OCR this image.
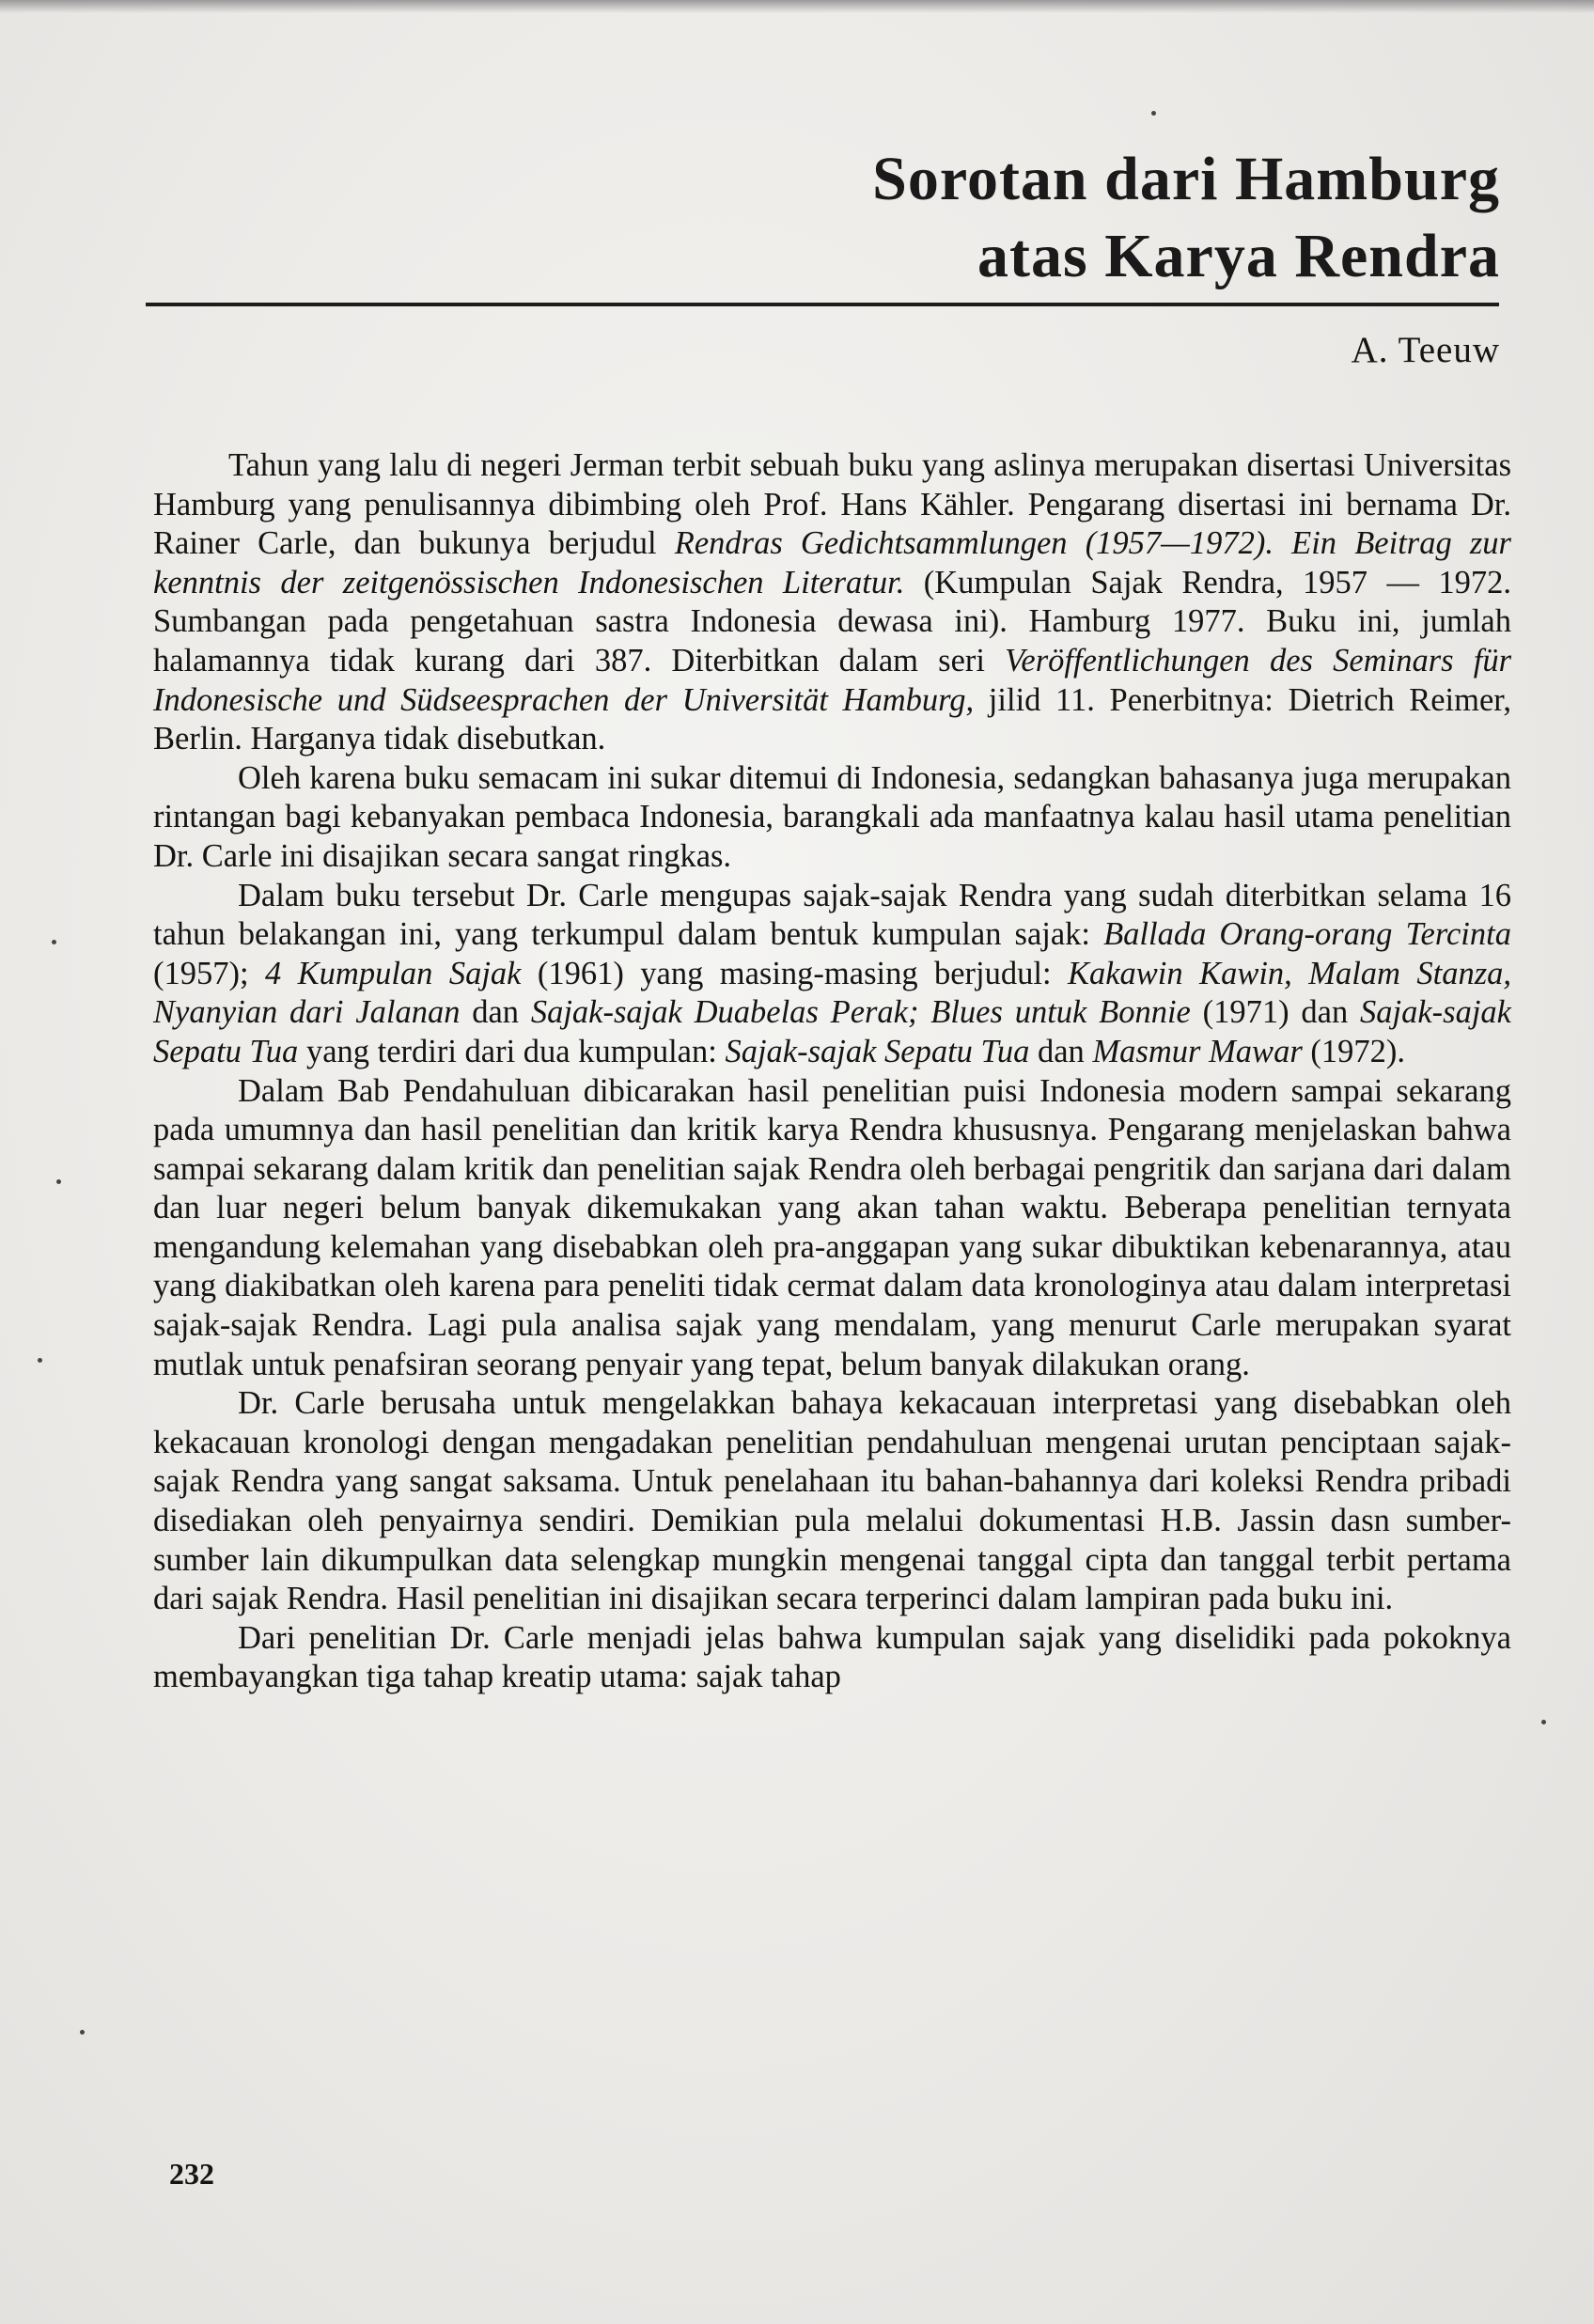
Sorotan dari Hamburg
atas Karya Rendra
A. Teeuw

Tahun yang lalu di negeri Jerman terbit sebuah buku yang aslinya merupakan disertasi Universitas Hamburg yang penulisannya dibimbing oleh Prof. Hans Kähler. Pengarang disertasi ini bernama Dr. Rainer Carle, dan bukunya berjudul Rendras Gedichtsammlungen (1957—1972). Ein Beitrag zur kenntnis der zeitgenössischen Indonesischen Literatur. (Kumpulan Sajak Rendra, 1957 — 1972. Sumbangan pada pengetahuan sastra Indonesia dewasa ini). Hamburg 1977. Buku ini, jumlah halamannya tidak kurang dari 387. Diterbitkan dalam seri Veröffentlichungen des Seminars für Indonesische und Südseesprachen der Universität Hamburg, jilid 11. Penerbitnya: Dietrich Reimer, Berlin. Harganya tidak disebutkan.

Oleh karena buku semacam ini sukar ditemui di Indonesia, sedangkan bahasanya juga merupakan rintangan bagi kebanyakan pembaca Indonesia, barangkali ada manfaatnya kalau hasil utama penelitian Dr. Carle ini disajikan secara sangat ringkas.

Dalam buku tersebut Dr. Carle mengupas sajak-sajak Rendra yang sudah diterbitkan selama 16 tahun belakangan ini, yang terkumpul dalam bentuk kumpulan sajak: Ballada Orang-orang Tercinta (1957); 4 Kumpulan Sajak (1961) yang masing-masing berjudul: Kakawin Kawin, Malam Stanza, Nyanyian dari Jalanan dan Sajak-sajak Duabelas Perak; Blues untuk Bonnie (1971) dan Sajak-sajak Sepatu Tua yang terdiri dari dua kumpulan: Sajak-sajak Sepatu Tua dan Masmur Mawar (1972).

Dalam Bab Pendahuluan dibicarakan hasil penelitian puisi Indonesia modern sampai sekarang pada umumnya dan hasil penelitian dan kritik karya Rendra khususnya. Pengarang menjelaskan bahwa sampai sekarang dalam kritik dan penelitian sajak Rendra oleh berbagai pengritik dan sarjana dari dalam dan luar negeri belum banyak dikemukakan yang akan tahan waktu. Beberapa penelitian ternyata mengandung kelemahan yang disebabkan oleh pra-anggapan yang sukar dibuktikan kebenarannya, atau yang diakibatkan oleh karena para peneliti tidak cermat dalam data kronologinya atau dalam interpretasi sajak-sajak Rendra. Lagi pula analisa sajak yang mendalam, yang menurut Carle merupakan syarat mutlak untuk penafsiran seorang penyair yang tepat, belum banyak dilakukan orang.

Dr. Carle berusaha untuk mengelakkan bahaya kekacauan interpretasi yang disebabkan oleh kekacauan kronologi dengan mengadakan penelitian pendahuluan mengenai urutan penciptaan sajak-sajak Rendra yang sangat saksama. Untuk penelahaan itu bahan-bahannya dari koleksi Rendra pribadi disediakan oleh penyairnya sendiri. Demikian pula melalui dokumentasi H.B. Jassin dasn sumber-sumber lain dikumpulkan data selengkap mungkin mengenai tanggal cipta dan tanggal terbit pertama dari sajak Rendra. Hasil penelitian ini disajikan secara terperinci dalam lampiran pada buku ini.

Dari penelitian Dr. Carle menjadi jelas bahwa kumpulan sajak yang diselidiki pada pokoknya membayangkan tiga tahap kreatip utama: sajak tahap

232
